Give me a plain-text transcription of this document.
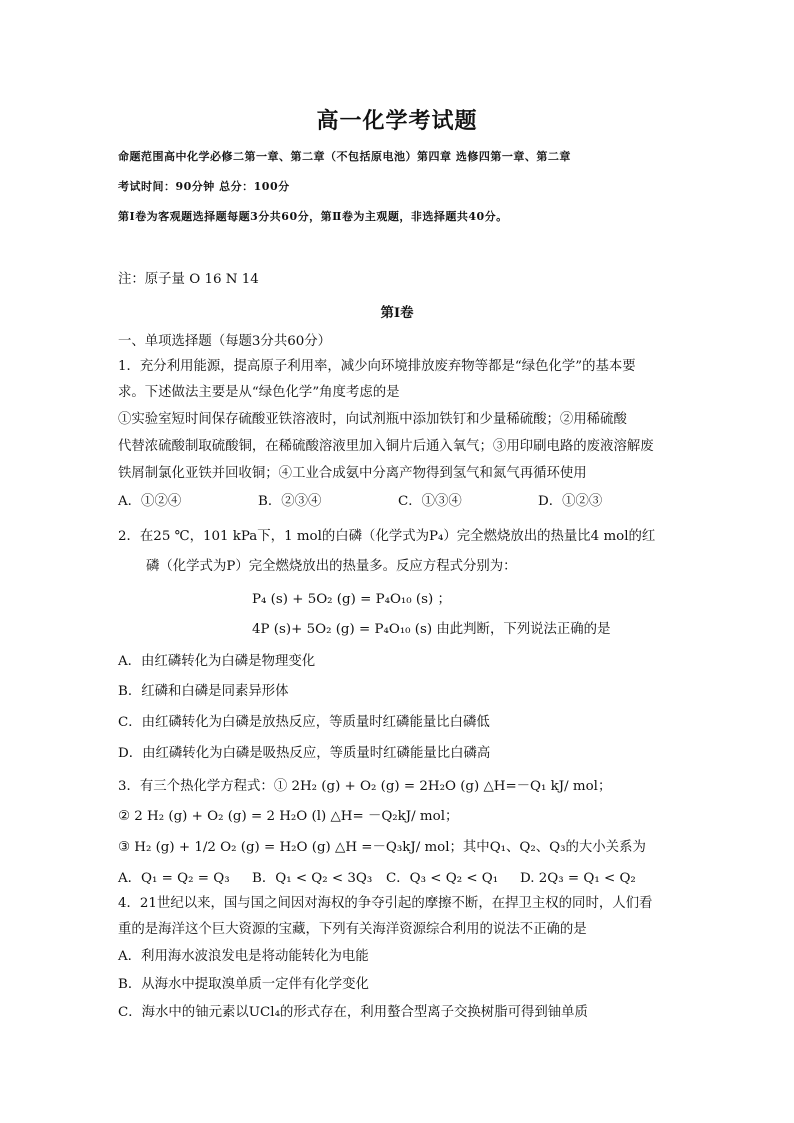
高一化学考试题
命题范围高中化学必修二第一章、第二章（不包括原电池）第四章 选修四第一章、第二章
考试时间：90分钟 总分：100分
第Ⅰ卷为客观题选择题每题3分共60分，第Ⅱ卷为主观题，非选择题共40分。
注：原子量 O 16 N 14
第Ⅰ卷
一、单项选择题（每题3分共60分）
1．充分利用能源，提高原子利用率，减少向环境排放废弃物等都是“绿色化学”的基本要
求。下述做法主要是从“绿色化学”角度考虑的是
①实验室短时间保存硫酸亚铁溶液时，向试剂瓶中添加铁钉和少量稀硫酸；②用稀硫酸
代替浓硫酸制取硫酸铜，在稀硫酸溶液里加入铜片后通入氧气；③用印刷电路的废液溶解废
铁屑制氯化亚铁并回收铜；④工业合成氨中分离产物得到氢气和氮气再循环使用
A．①②④	B．②③④	C．①③④	D．①②③
2．在25 ℃，101 kPa下，1 mol的白磷（化学式为P₄）完全燃烧放出的热量比4 mol的红
磷（化学式为P）完全燃烧放出的热量多。反应方程式分别为：
P₄ (s) + 5O₂ (g) = P₄O₁₀ (s) ；
4P (s)+ 5O₂ (g) = P₄O₁₀ (s) 由此判断，下列说法正确的是
A．由红磷转化为白磷是物理变化
B．红磷和白磷是同素异形体
C．由红磷转化为白磷是放热反应，等质量时红磷能量比白磷低
D．由红磷转化为白磷是吸热反应，等质量时红磷能量比白磷高
3．有三个热化学方程式：① 2H₂ (g) + O₂ (g) = 2H₂O (g) △H=－Q₁ kJ/ mol；
② 2 H₂ (g) + O₂ (g) = 2 H₂O (l) △H= －Q₂kJ/ mol；
③ H₂ (g) + 1/2 O₂ (g) = H₂O (g) △H =－Q₃kJ/ mol；其中Q₁、Q₂、Q₃的大小关系为
A．Q₁ = Q₂ = Q₃ B．Q₁ < Q₂ < 3Q₃ C．Q₃ < Q₂ < Q₁ D. 2Q₃ = Q₁ < Q₂
4．21世纪以来，国与国之间因对海权的争夺引起的摩擦不断，在捍卫主权的同时，人们看
重的是海洋这个巨大资源的宝藏，下列有关海洋资源综合利用的说法不正确的是
A．利用海水波浪发电是将动能转化为电能
B．从海水中提取溴单质一定伴有化学变化
C．海水中的铀元素以UCl₄的形式存在，利用螯合型离子交换树脂可得到铀单质
